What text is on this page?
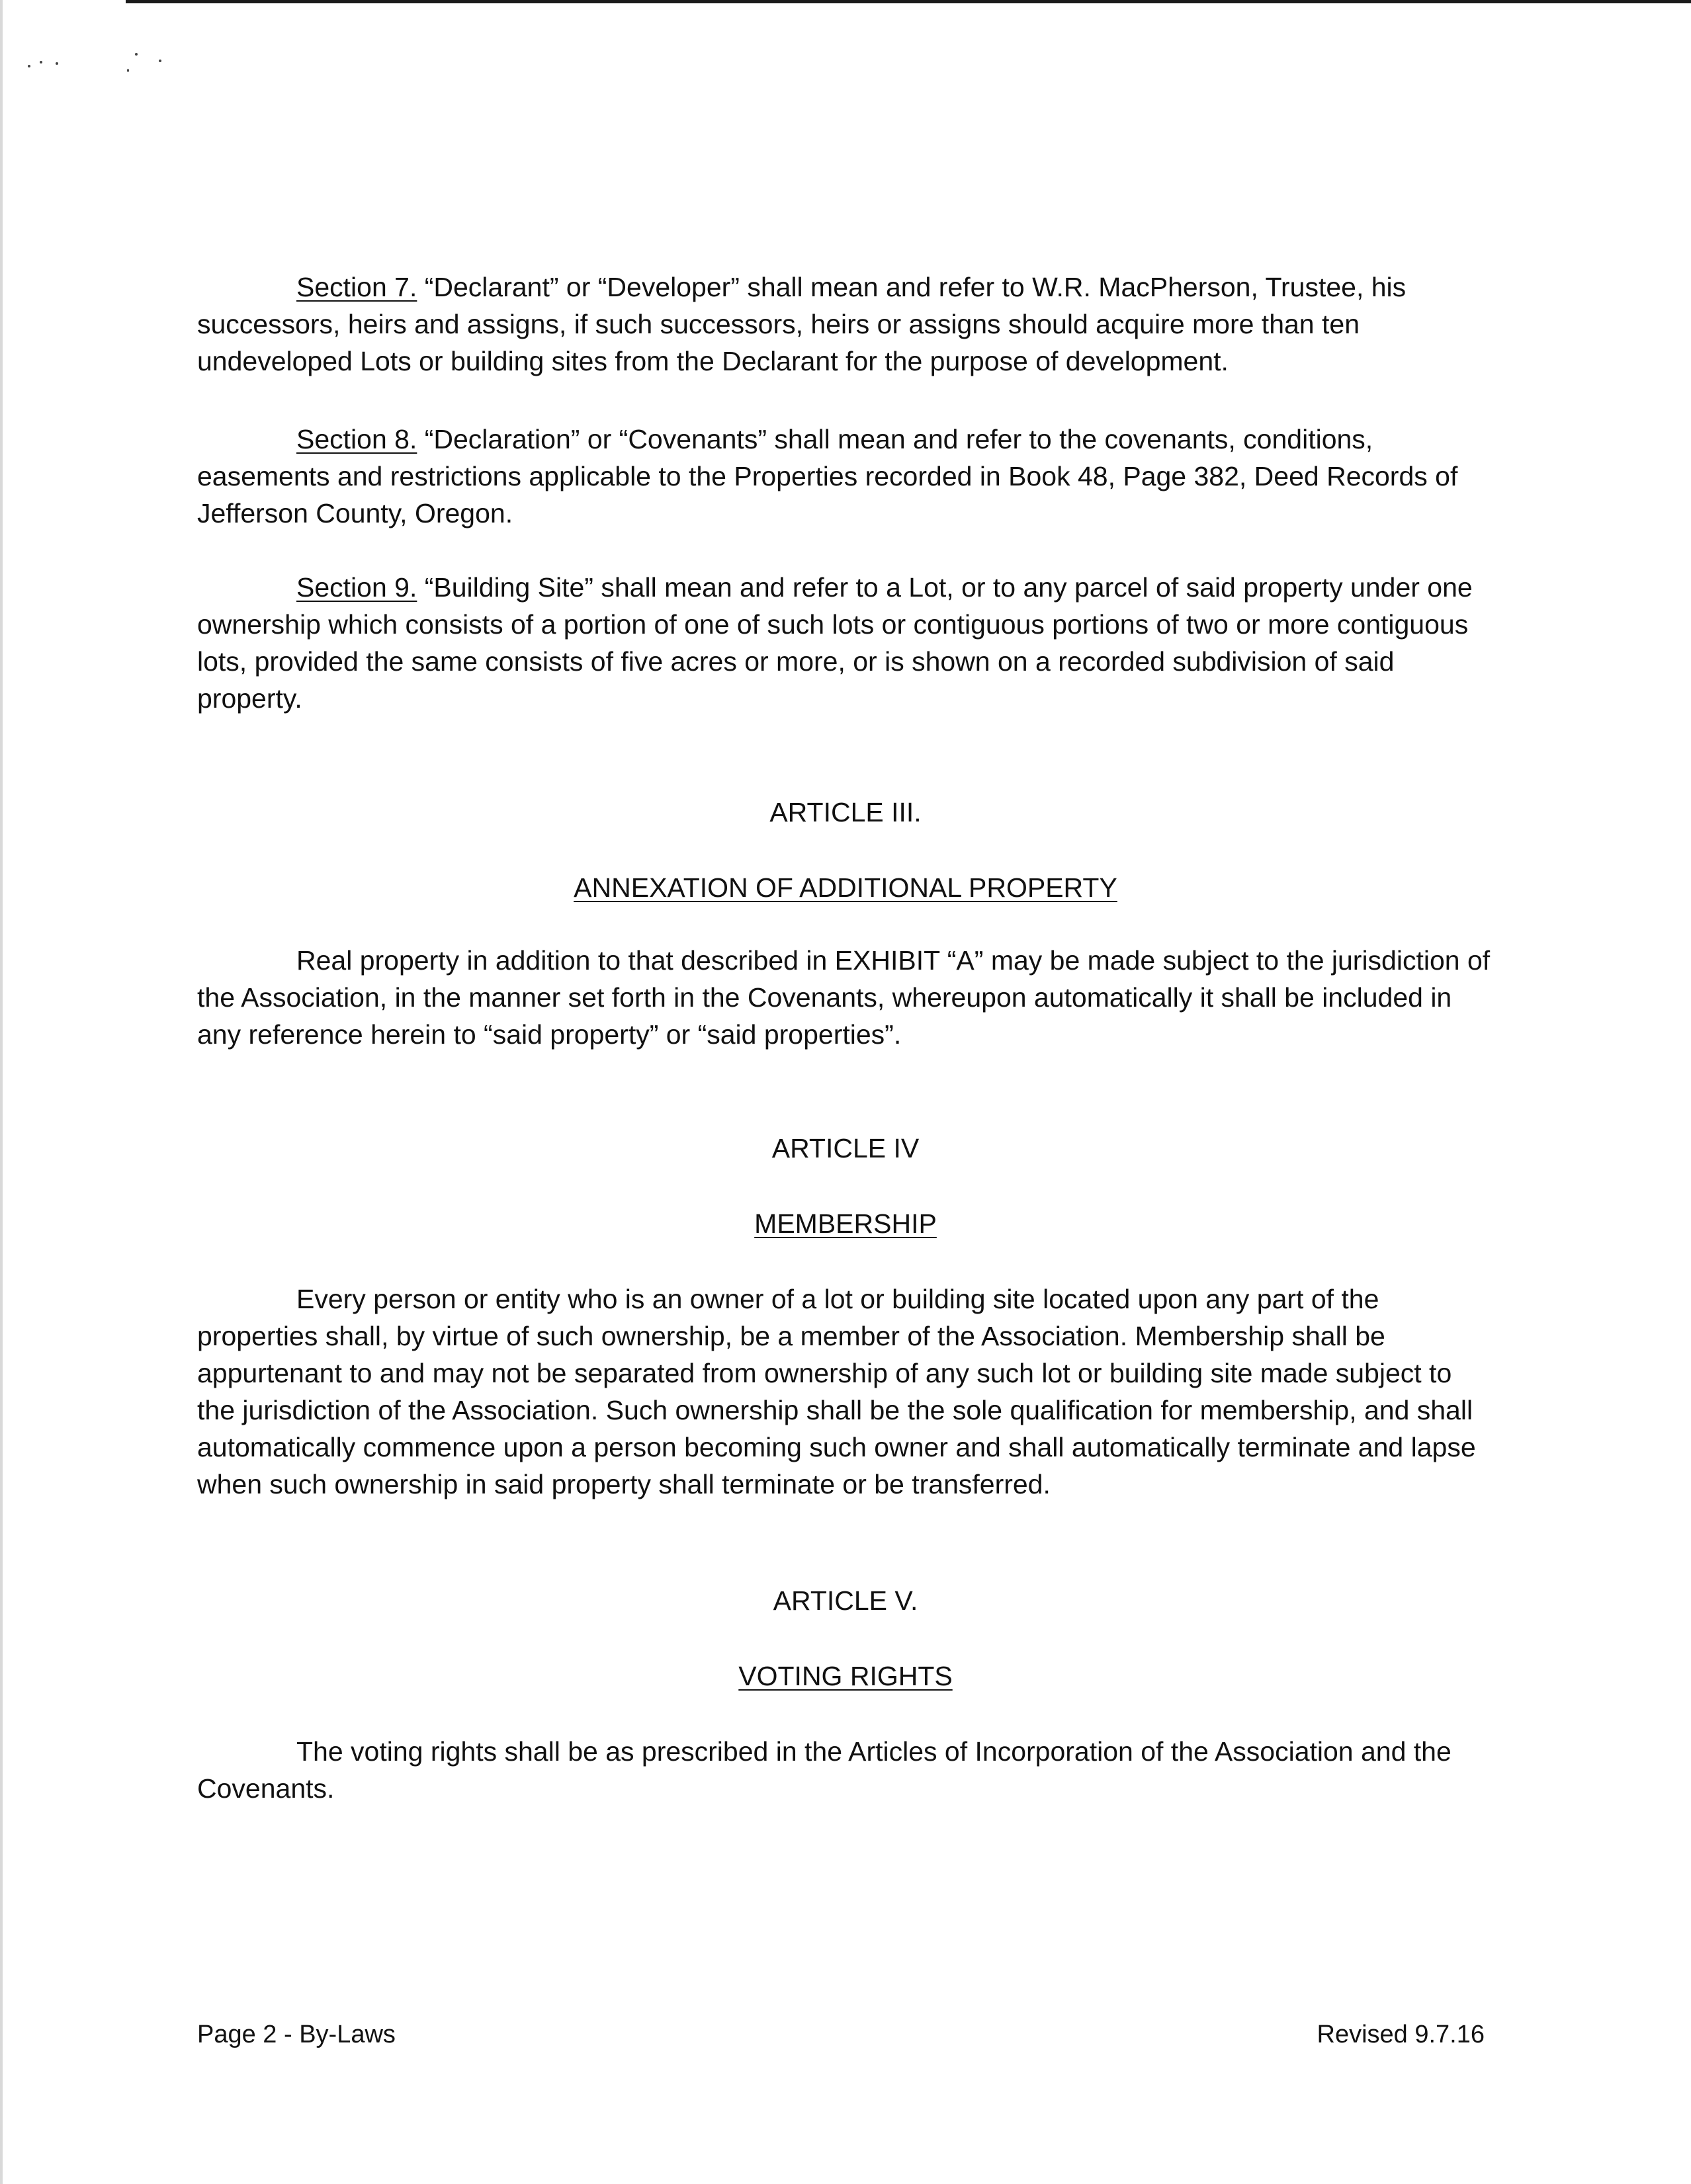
Section 7. “Declarant” or “Developer” shall mean and refer to W.R. MacPherson, Trustee, his successors, heirs and assigns, if such successors, heirs or assigns should acquire more than ten undeveloped Lots or building sites from the Declarant for the purpose of development.

Section 8. “Declaration” or “Covenants” shall mean and refer to the covenants, conditions, easements and restrictions applicable to the Properties recorded in Book 48, Page 382, Deed Records of Jefferson County, Oregon.

Section 9. “Building Site” shall mean and refer to a Lot, or to any parcel of said property under one ownership which consists of a portion of one of such lots or contiguous portions of two or more contiguous lots, provided the same consists of five acres or more, or is shown on a recorded subdivision of said property.

ARTICLE III.

ANNEXATION OF ADDITIONAL PROPERTY

Real property in addition to that described in EXHIBIT “A” may be made subject to the jurisdiction of the Association, in the manner set forth in the Covenants, whereupon automatically it shall be included in any reference herein to “said property” or “said properties”.

ARTICLE IV

MEMBERSHIP

Every person or entity who is an owner of a lot or building site located upon any part of the properties shall, by virtue of such ownership, be a member of the Association. Membership shall be appurtenant to and may not be separated from ownership of any such lot or building site made subject to the jurisdiction of the Association. Such ownership shall be the sole qualification for membership, and shall automatically commence upon a person becoming such owner and shall automatically terminate and lapse when such ownership in said property shall terminate or be transferred.

ARTICLE V.

VOTING RIGHTS

The voting rights shall be as prescribed in the Articles of Incorporation of the Association and the Covenants.

Page 2 - By-Laws	Revised 9.7.16
